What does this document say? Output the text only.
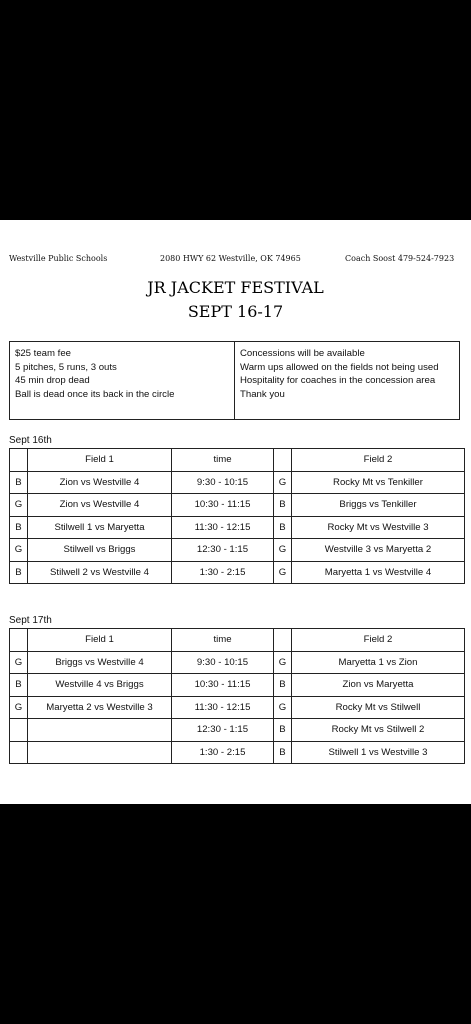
Westville Public Schools	2080 HWY 62 Westville, OK 74965	Coach Soost 479-524-7923
JR JACKET FESTIVAL
SEPT 16-17
$25 team fee
5 pitches, 5 runs, 3 outs
45 min drop dead
Ball is dead once its back in the circle
Concessions will be available
Warm ups allowed on the fields not being used
Hospitality for coaches in the concession area
Thank you
Sept 16th
	Field 1	time		Field 2
B	Zion vs Westville 4	9:30 - 10:15	G	Rocky Mt vs Tenkiller
G	Zion vs Westville 4	10:30 - 11:15	B	Briggs vs Tenkiller
B	Stilwell 1 vs Maryetta	11:30 - 12:15	B	Rocky Mt vs Westville 3
G	Stilwell vs Briggs	12:30 - 1:15	G	Westville 3 vs Maryetta 2
B	Stilwell 2 vs Westville 4	1:30 - 2:15	G	Maryetta 1 vs Westville 4
Sept 17th
	Field 1	time		Field 2
G	Briggs vs Westville 4	9:30 - 10:15	G	Maryetta 1 vs Zion
B	Westville 4 vs Briggs	10:30 - 11:15	B	Zion vs Maryetta
G	Maryetta 2 vs Westville 3	11:30 - 12:15	G	Rocky Mt vs Stilwell
		12:30 - 1:15	B	Rocky Mt vs Stilwell 2
		1:30 - 2:15	B	Stilwell 1 vs Westville 3
